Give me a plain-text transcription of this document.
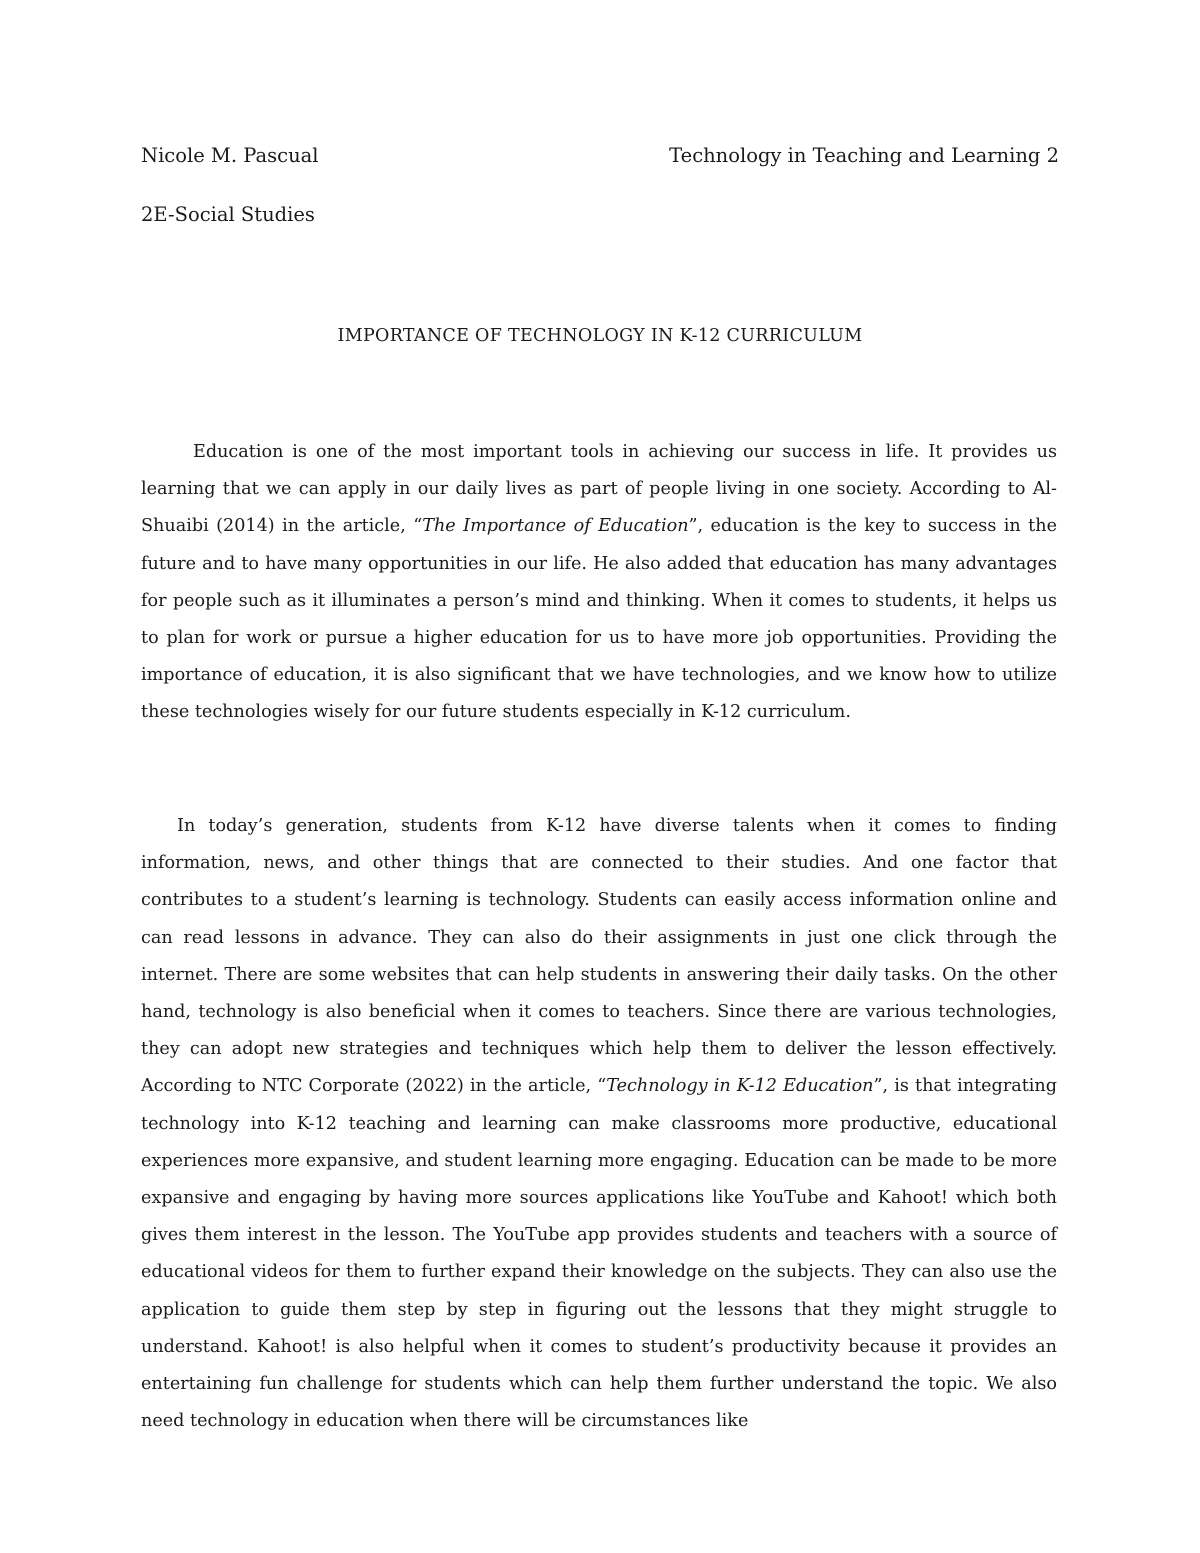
Nicole M. Pascual	Technology in Teaching and Learning 2
2E-Social Studies
IMPORTANCE OF TECHNOLOGY IN K-12 CURRICULUM

Education is one of the most important tools in achieving our success in life. It provides us learning that we can apply in our daily lives as part of people living in one society. According to Al-Shuaibi (2014) in the article, “The Importance of Education”, education is the key to success in the future and to have many opportunities in our life. He also added that education has many advantages for people such as it illuminates a person’s mind and thinking. When it comes to students, it helps us to plan for work or pursue a higher education for us to have more job opportunities. Providing the importance of education, it is also significant that we have technologies, and we know how to utilize these technologies wisely for our future students especially in K-12 curriculum.

In today’s generation, students from K-12 have diverse talents when it comes to finding information, news, and other things that are connected to their studies. And one factor that contributes to a student’s learning is technology. Students can easily access information online and can read lessons in advance. They can also do their assignments in just one click through the internet. There are some websites that can help students in answering their daily tasks. On the other hand, technology is also beneficial when it comes to teachers. Since there are various technologies, they can adopt new strategies and techniques which help them to deliver the lesson effectively. According to NTC Corporate (2022) in the article, “Technology in K-12 Education”, is that integrating technology into K-12 teaching and learning can make classrooms more productive, educational experiences more expansive, and student learning more engaging. Education can be made to be more expansive and engaging by having more sources applications like YouTube and Kahoot! which both gives them interest in the lesson. The YouTube app provides students and teachers with a source of educational videos for them to further expand their knowledge on the subjects. They can also use the application to guide them step by step in figuring out the lessons that they might struggle to understand. Kahoot! is also helpful when it comes to student’s productivity because it provides an entertaining fun challenge for students which can help them further understand the topic. We also need technology in education when there will be circumstances like
